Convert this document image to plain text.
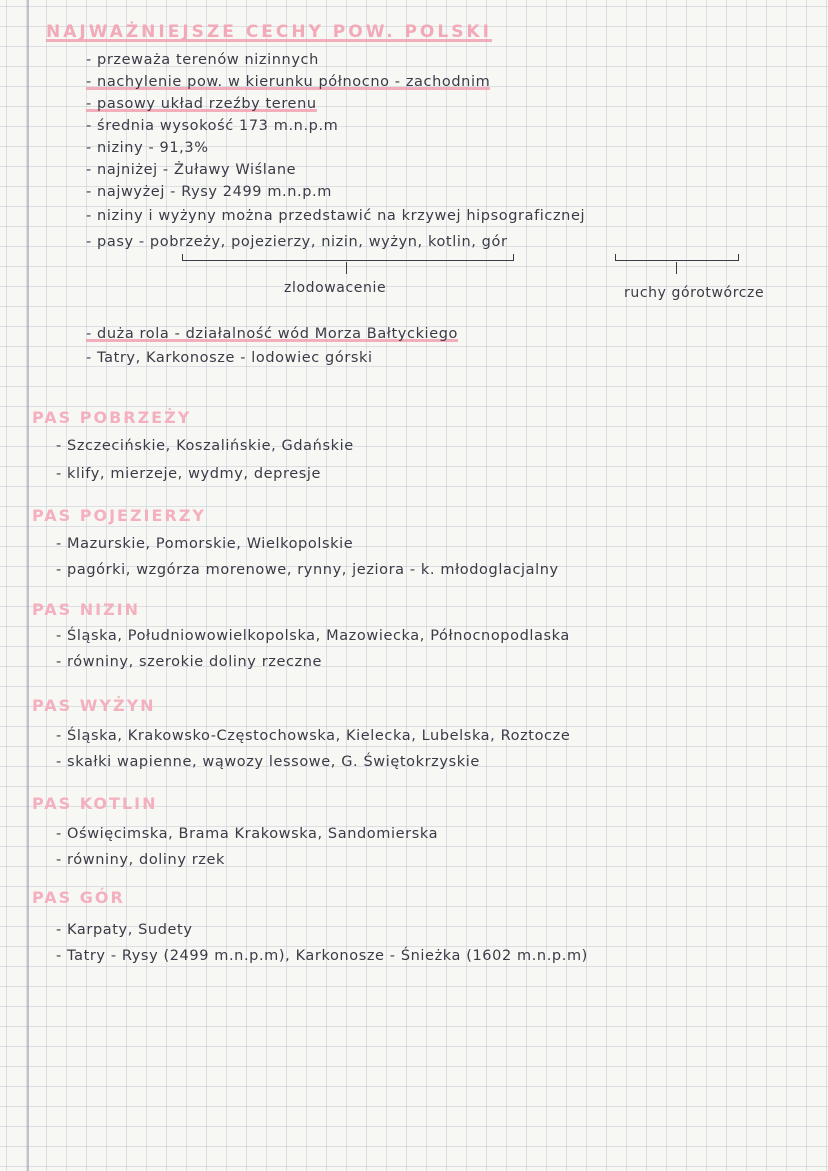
NAJWAŻNIEJSZE CECHY POW. POLSKI
- przeważa terenów nizinnych
- nachylenie pow. w kierunku północno - zachodnim
- pasowy układ rzeźby terenu
- średnia wysokość 173 m.n.p.m
- niziny - 91,3%
- najniżej - Żuławy Wiślane
- najwyżej - Rysy 2499 m.n.p.m
- niziny i wyżyny można przedstawić na krzywej hipsograficznej
- pasy - pobrzeży, pojezierzy, nizin, wyżyn, kotlin, gór
zlodowacenie	ruchy górotwórcze
- duża rola - działalność wód Morza Bałtyckiego
- Tatry, Karkonosze - lodowiec górski
PAS POBRZEŻY
- Szczecińskie, Koszalińskie, Gdańskie
- klify, mierzeje, wydmy, depresje
PAS POJEZIERZY
- Mazurskie, Pomorskie, Wielkopolskie
- pagórki, wzgórza morenowe, rynny, jeziora - k. młodoglacjalny
PAS NIZIN
- Śląska, Południowowielkopolska, Mazowiecka, Północnopodlaska
- równiny, szerokie doliny rzeczne
PAS WYŻYN
- Śląska, Krakowsko-Częstochowska, Kielecka, Lubelska, Roztocze
- skałki wapienne, wąwozy lessowe, G. Świętokrzyskie
PAS KOTLIN
- Oświęcimska, Brama Krakowska, Sandomierska
- równiny, doliny rzek
PAS GÓR
- Karpaty, Sudety
- Tatry - Rysy (2499 m.n.p.m), Karkonosze - Śnieżka (1602 m.n.p.m)
